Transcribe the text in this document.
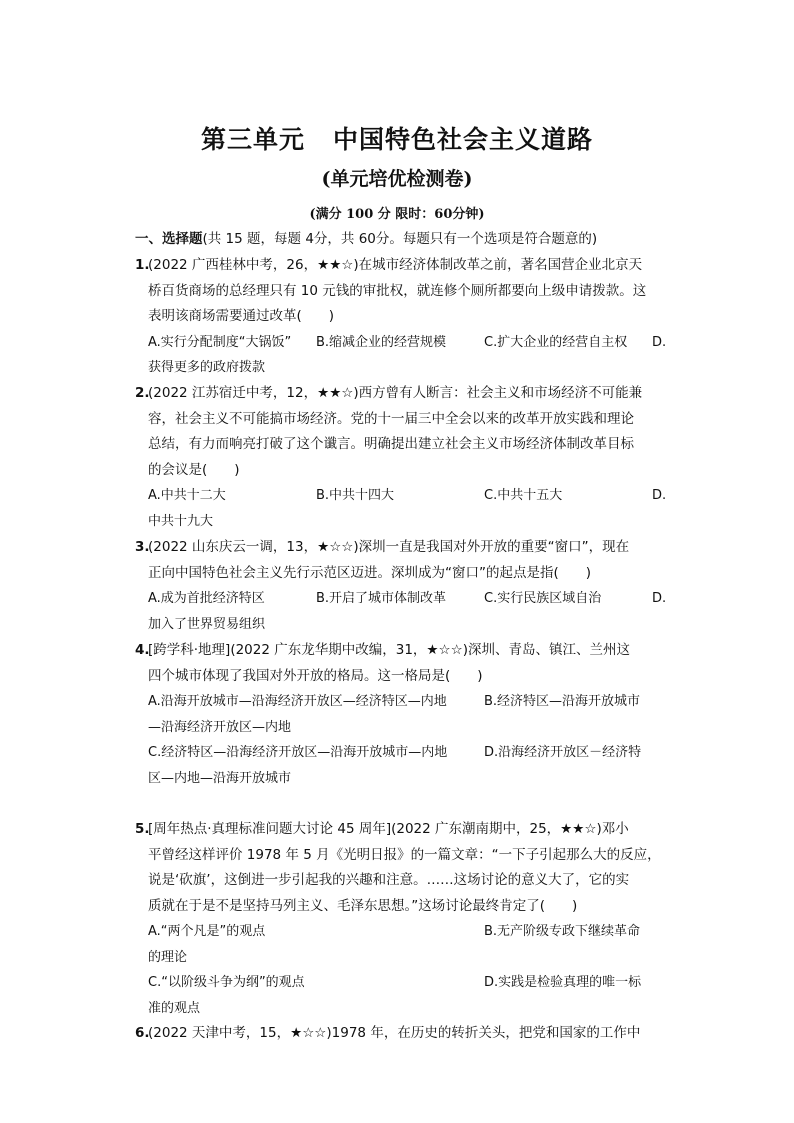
第三单元 中国特色社会主义道路
(单元培优检测卷)
(满分 100 分 限时：60分钟)
一、选择题(共 15 题，每题 4分，共 60分。每题只有一个选项是符合题意的)
1.
(2022 广西桂林中考，26，★★☆)在城市经济体制改革之前，著名国营企业北京天
桥百货商场的总经理只有 10 元钱的审批权，就连修个厕所都要向上级申请拨款。这
表明该商场需要通过改革(　　)
A.实行分配制度“大锅饭”	B.缩减企业的经营规模	C.扩大企业的经营自主权	D.
获得更多的政府拨款
2.
(2022 江苏宿迁中考，12，★★☆)西方曾有人断言：社会主义和市场经济不可能兼
容，社会主义不可能搞市场经济。党的十一届三中全会以来的改革开放实践和理论
总结，有力而响亮打破了这个谶言。明确提出建立社会主义市场经济体制改革目标
的会议是(　　)
A.中共十二大	B.中共十四大	C.中共十五大	D.
中共十九大
3.
(2022 山东庆云一调，13，★☆☆)深圳一直是我国对外开放的重要“窗口”，现在
正向中国特色社会主义先行示范区迈进。深圳成为“窗口”的起点是指(　　)
A.成为首批经济特区	B.开启了城市体制改革	C.实行民族区域自治	D.
加入了世界贸易组织
4.
[跨学科·地理](2022 广东龙华期中改编，31，★☆☆)深圳、青岛、镇江、兰州这
四个城市体现了我国对外开放的格局。这一格局是(　　)
A.沿海开放城市—沿海经济开放区—经济特区—内地	B.经济特区—沿海开放城市
—沿海经济开放区—内地
C.经济特区—沿海经济开放区—沿海开放城市—内地	D.沿海经济开放区－经济特
区—内地—沿海开放城市
5.
[周年热点·真理标准问题大讨论 45 周年](2022 广东潮南期中，25，★★☆)邓小
平曾经这样评价 1978 年 5 月《光明日报》的一篇文章：“一下子引起那么大的反应，
说是‘砍旗’，这倒进一步引起我的兴趣和注意。……这场讨论的意义大了，它的实
质就在于是不是坚持马列主义、毛泽东思想。”这场讨论最终肯定了(　　)
A.“两个凡是”的观点	B.无产阶级专政下继续革命
的理论
C.“以阶级斗争为纲”的观点	D.实践是检验真理的唯一标
准的观点
6.
(2022 天津中考，15，★☆☆)1978 年，在历史的转折关头，把党和国家的工作中
